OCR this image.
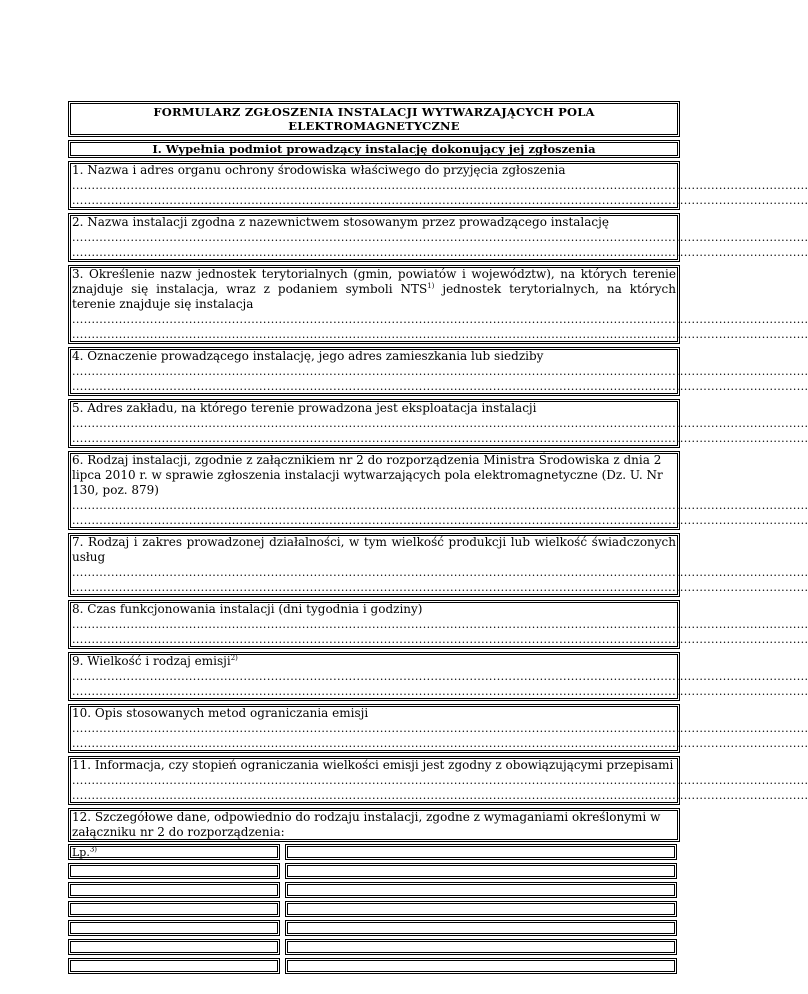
FORMULARZ ZGŁOSZENIA INSTALACJI WYTWARZAJĄCYCH POLA
ELEKTROMAGNETYCZNE
I. Wypełnia podmiot prowadzący instalację dokonujący jej zgłoszenia
1. Nazwa i adres organu ochrony środowiska właściwego do przyjęcia zgłoszenia
.............................................................................................................................................................................................
.............................................................................................................................................................................................
2. Nazwa instalacji zgodna z nazewnictwem stosowanym przez prowadzącego instalację
.............................................................................................................................................................................................
.............................................................................................................................................................................................
3. Określenie nazw jednostek terytorialnych (gmin, powiatów i województw), na których terenie znajduje się instalacja, wraz z podaniem symboli NTS$^{1)}$ jednostek terytorialnych, na których terenie znajduje się instalacja
.............................................................................................................................................................................................
.............................................................................................................................................................................................
4. Oznaczenie prowadzącego instalację, jego adres zamieszkania lub siedziby
.............................................................................................................................................................................................
.............................................................................................................................................................................................
5. Adres zakładu, na którego terenie prowadzona jest eksploatacja instalacji
.............................................................................................................................................................................................
.............................................................................................................................................................................................
6. Rodzaj instalacji, zgodnie z załącznikiem nr 2 do rozporządzenia Ministra Środowiska z dnia 2 lipca 2010 r. w sprawie zgłoszenia instalacji wytwarzających pola elektromagnetyczne (Dz. U. Nr 130, poz. 879)
.............................................................................................................................................................................................
.............................................................................................................................................................................................
7. Rodzaj i zakres prowadzonej działalności, w tym wielkość produkcji lub wielkość świadczonych usług
.............................................................................................................................................................................................
.............................................................................................................................................................................................
8. Czas funkcjonowania instalacji (dni tygodnia i godziny)
.............................................................................................................................................................................................
.............................................................................................................................................................................................
9. Wielkość i rodzaj emisji$^{2)}$
.............................................................................................................................................................................................
.............................................................................................................................................................................................
10. Opis stosowanych metod ograniczania emisji
.............................................................................................................................................................................................
.............................................................................................................................................................................................
11. Informacja, czy stopień ograniczania wielkości emisji jest zgodny z obowiązującymi przepisami
.............................................................................................................................................................................................
.............................................................................................................................................................................................
12. Szczegółowe dane, odpowiednio do rodzaju instalacji, zgodne z wymaganiami określonymi w załączniku nr 2 do rozporządzenia:
Lp.$^{3)}$
